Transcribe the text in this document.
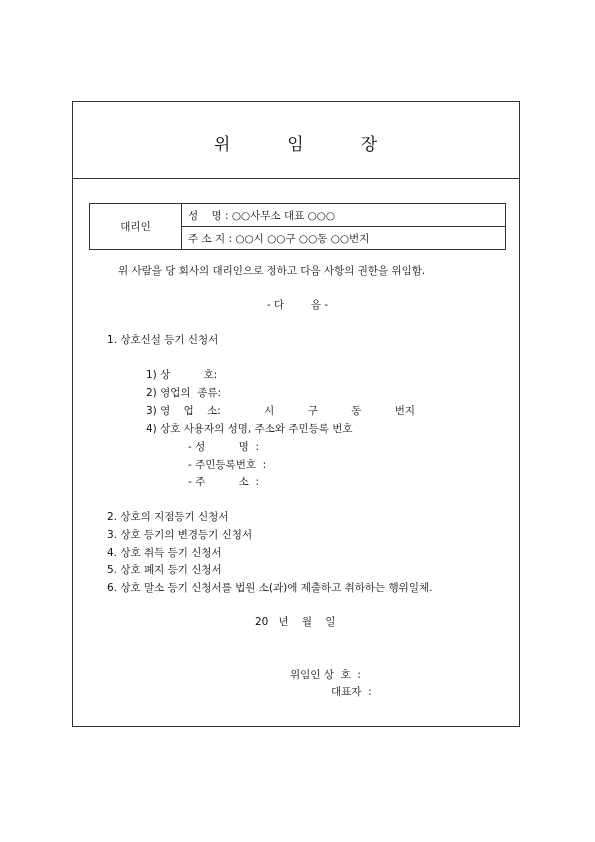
위	임	장
대리인
성    명 : ○○사무소 대표 ○○○
주 소 지 : ○○시 ○○구 ○○동 ○○번지
위 사람을 당 회사의 대리인으로 정하고 다음 사항의 권한을 위임함.
- 다        음 -
1. 상호신설 등기 신청서
1) 상          호:
2) 영업의  종류:
3) 영    업    소:             시          구          동          번지
4) 상호 사용자의 성명, 주소와 주민등록 번호
- 성          명  :
- 주민등록번호  :
- 주          소  :
2. 상호의 지점등기 신청서
3. 상호 등기의 변경등기 신청서
4. 상호 취득 등기 신청서
5. 상호 폐지 등기 신청서
6. 상호 말소 등기 신청서를 법원 소(과)에 제출하고 취하하는 행위일체.
20   년    월    일
위임인 상  호  :
대표자  :
